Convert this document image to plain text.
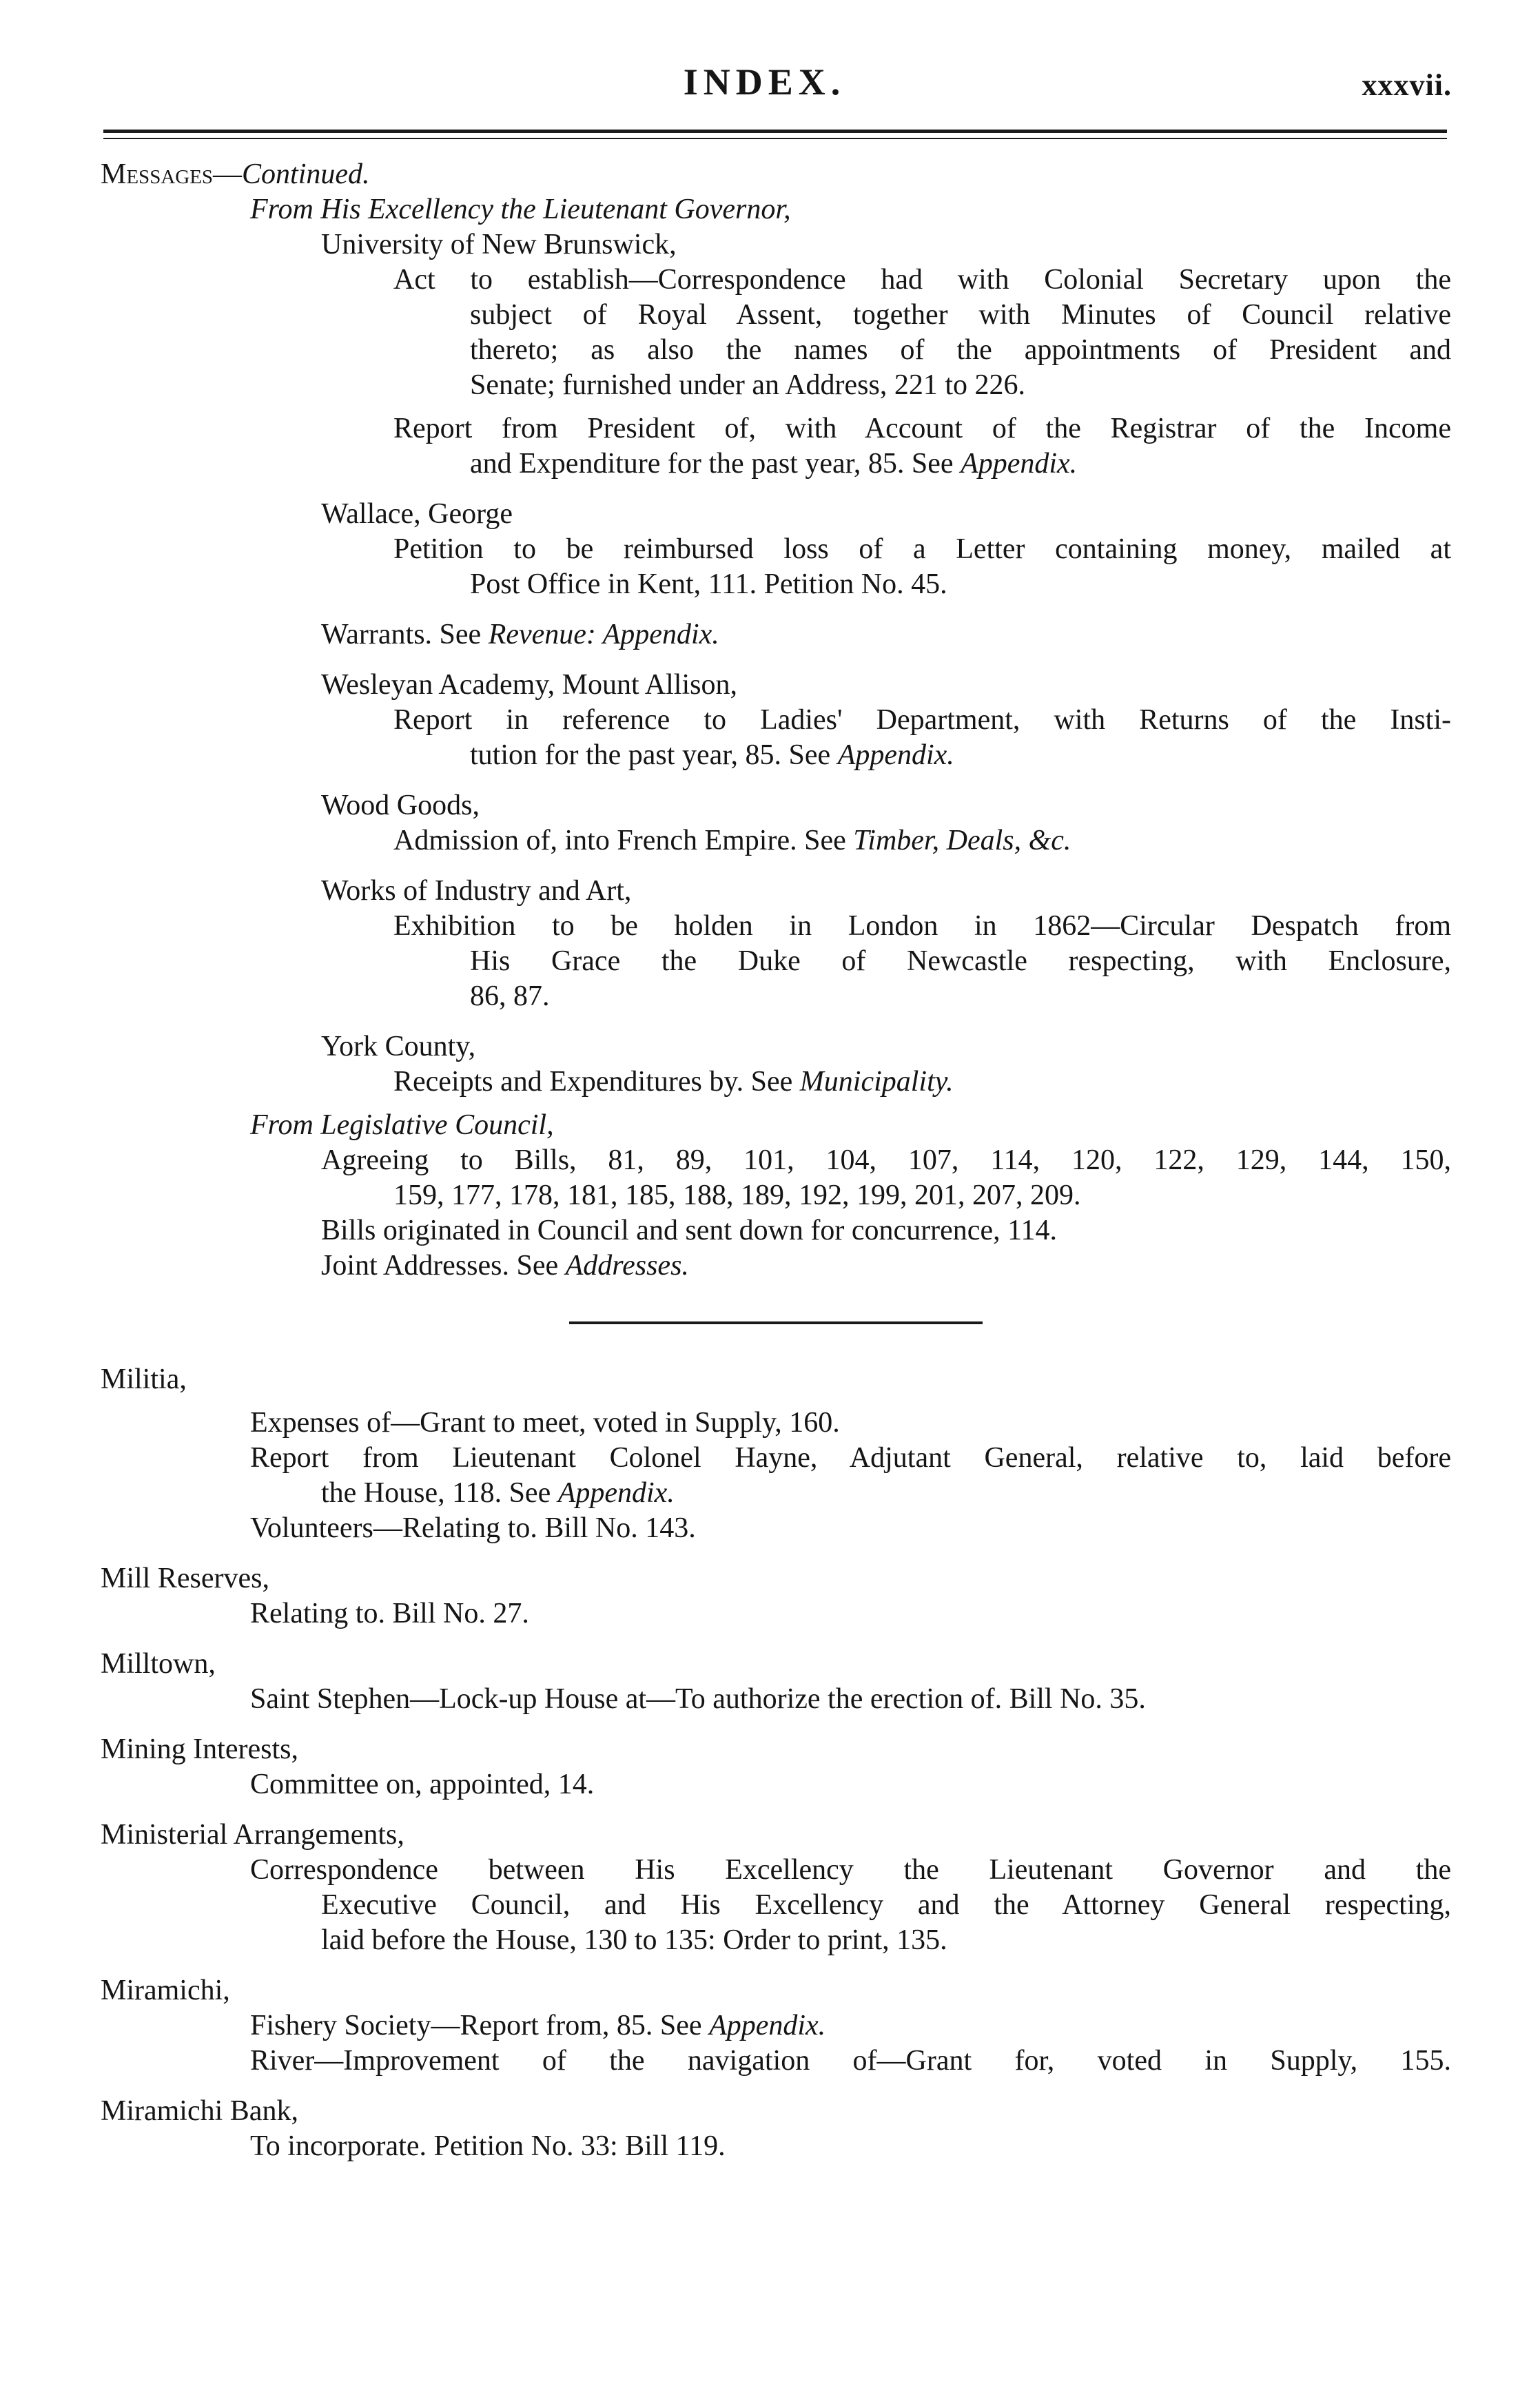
INDEX.	xxxvii.
Messages—Continued.
From His Excellency the Lieutenant Governor,
University of New Brunswick,
Act to establish—Correspondence had with Colonial Secretary upon the
subject of Royal Assent, together with Minutes of Council relative
thereto; as also the names of the appointments of President and
Senate; furnished under an Address, 221 to 226.
Report from President of, with Account of the Registrar of the Income
and Expenditure for the past year, 85. See Appendix.
Wallace, George
Petition to be reimbursed loss of a Letter containing money, mailed at
Post Office in Kent, 111. Petition No. 45.
Warrants. See Revenue: Appendix.
Wesleyan Academy, Mount Allison,
Report in reference to Ladies' Department, with Returns of the Insti-
tution for the past year, 85. See Appendix.
Wood Goods,
Admission of, into French Empire. See Timber, Deals, &c.
Works of Industry and Art,
Exhibition to be holden in London in 1862—Circular Despatch from
His Grace the Duke of Newcastle respecting, with Enclosure,
86, 87.
York County,
Receipts and Expenditures by. See Municipality.
From Legislative Council,
Agreeing to Bills, 81, 89, 101, 104, 107, 114, 120, 122, 129, 144, 150,
159, 177, 178, 181, 185, 188, 189, 192, 199, 201, 207, 209.
Bills originated in Council and sent down for concurrence, 114.
Joint Addresses. See Addresses.
Militia,
Expenses of—Grant to meet, voted in Supply, 160.
Report from Lieutenant Colonel Hayne, Adjutant General, relative to, laid before
the House, 118. See Appendix.
Volunteers—Relating to. Bill No. 143.
Mill Reserves,
Relating to. Bill No. 27.
Milltown,
Saint Stephen—Lock-up House at—To authorize the erection of. Bill No. 35.
Mining Interests,
Committee on, appointed, 14.
Ministerial Arrangements,
Correspondence between His Excellency the Lieutenant Governor and the
Executive Council, and His Excellency and the Attorney General respecting,
laid before the House, 130 to 135: Order to print, 135.
Miramichi,
Fishery Society—Report from, 85. See Appendix.
River—Improvement of the navigation of—Grant for, voted in Supply, 155.
Miramichi Bank,
To incorporate. Petition No. 33: Bill 119.
